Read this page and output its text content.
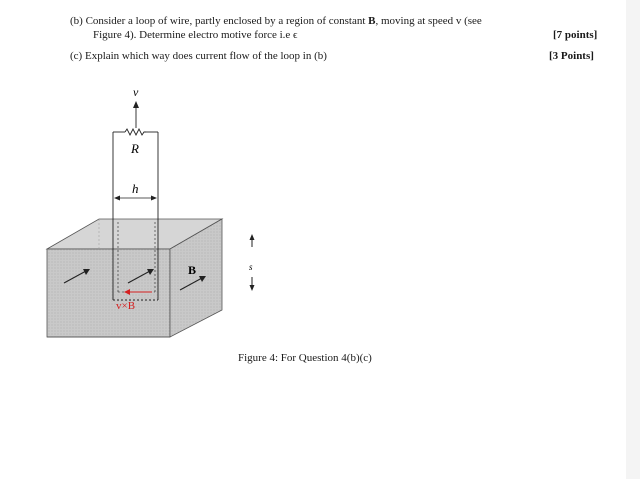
(b) Consider a loop of wire, partly enclosed by a region of constant B, moving at speed v (see
Figure 4). Determine electro motive force i.e ϵ	[7 points]
(c) Explain which way does current flow of the loop in (b)	[3 Points]
v
R
h
B
v×B
s
Figure 4: For Question 4(b)(c)
